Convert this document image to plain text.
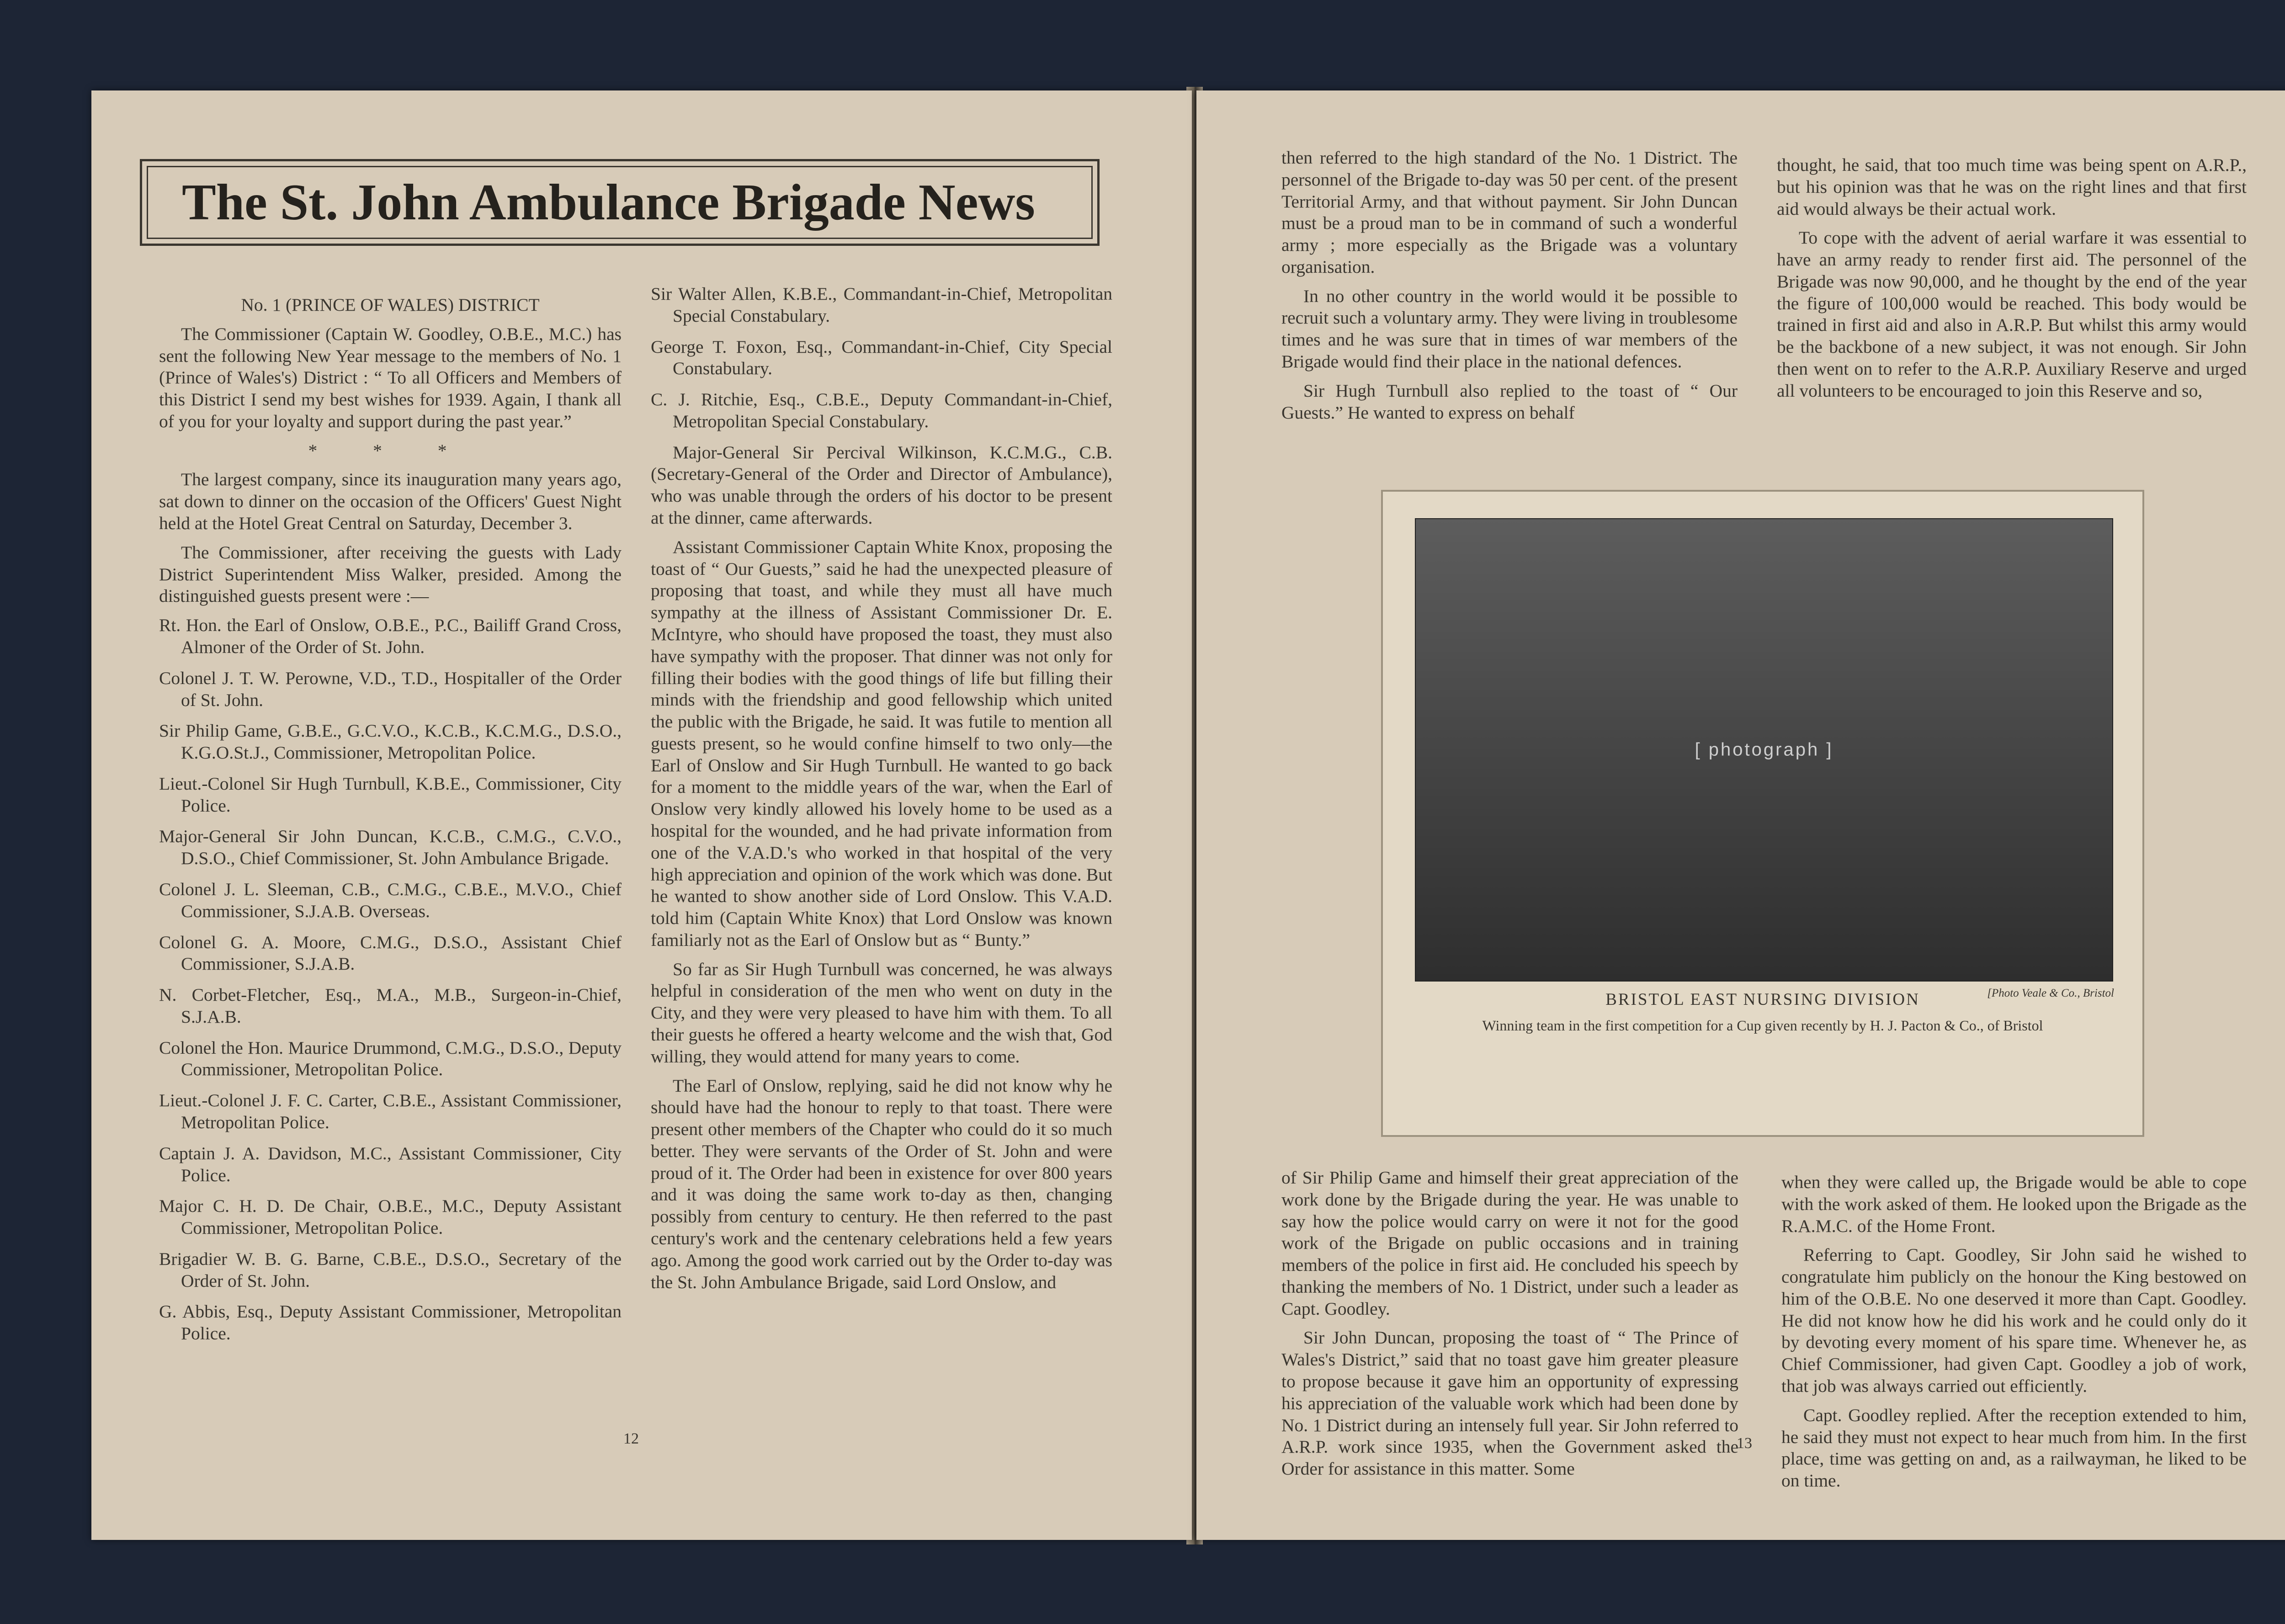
The St. John Ambulance Brigade News

No. 1 (PRINCE OF WALES) DISTRICT

The Commissioner (Captain W. Goodley, O.B.E., M.C.) has sent the following New Year message to the members of No. 1 (Prince of Wales's) District : “ To all Officers and Members of this District I send my best wishes for 1939. Again, I thank all of you for your loyalty and support during the past year.”

* * *

The largest company, since its inauguration many years ago, sat down to dinner on the occasion of the Officers' Guest Night held at the Hotel Great Central on Saturday, December 3.

The Commissioner, after receiving the guests with Lady District Superintendent Miss Walker, presided. Among the distinguished guests present were :—

Rt. Hon. the Earl of Onslow, O.B.E., P.C., Bailiff Grand Cross, Almoner of the Order of St. John.

Colonel J. T. W. Perowne, V.D., T.D., Hospitaller of the Order of St. John.

Sir Philip Game, G.B.E., G.C.V.O., K.C.B., K.C.M.G., D.S.O., K.G.O.St.J., Commissioner, Metropolitan Police.

Lieut.-Colonel Sir Hugh Turnbull, K.B.E., Commissioner, City Police.

Major-General Sir John Duncan, K.C.B., C.M.G., C.V.O., D.S.O., Chief Commissioner, St. John Ambulance Brigade.

Colonel J. L. Sleeman, C.B., C.M.G., C.B.E., M.V.O., Chief Commissioner, S.J.A.B. Overseas.

Colonel G. A. Moore, C.M.G., D.S.O., Assistant Chief Commissioner, S.J.A.B.

N. Corbet-Fletcher, Esq., M.A., M.B., Surgeon-in-Chief, S.J.A.B.

Colonel the Hon. Maurice Drummond, C.M.G., D.S.O., Deputy Commissioner, Metropolitan Police.

Lieut.-Colonel J. F. C. Carter, C.B.E., Assistant Commissioner, Metropolitan Police.

Captain J. A. Davidson, M.C., Assistant Commissioner, City Police.

Major C. H. D. De Chair, O.B.E., M.C., Deputy Assistant Commissioner, Metropolitan Police.

Brigadier W. B. G. Barne, C.B.E., D.S.O., Secretary of the Order of St. John.

G. Abbis, Esq., Deputy Assistant Commissioner, Metropolitan Police.

Sir Walter Allen, K.B.E., Commandant-in-Chief, Metropolitan Special Constabulary.

George T. Foxon, Esq., Commandant-in-Chief, City Special Constabulary.

C. J. Ritchie, Esq., C.B.E., Deputy Commandant-in-Chief, Metropolitan Special Constabulary.

Major-General Sir Percival Wilkinson, K.C.M.G., C.B. (Secretary-General of the Order and Director of Ambulance), who was unable through the orders of his doctor to be present at the dinner, came afterwards.

Assistant Commissioner Captain White Knox, proposing the toast of “ Our Guests,” said he had the unexpected pleasure of proposing that toast, and while they must all have much sympathy at the illness of Assistant Commissioner Dr. E. McIntyre, who should have proposed the toast, they must also have sympathy with the proposer. That dinner was not only for filling their bodies with the good things of life but filling their minds with the friendship and good fellowship which united the public with the Brigade, he said. It was futile to mention all guests present, so he would confine himself to two only—the Earl of Onslow and Sir Hugh Turnbull. He wanted to go back for a moment to the middle years of the war, when the Earl of Onslow very kindly allowed his lovely home to be used as a hospital for the wounded, and he had private information from one of the V.A.D.'s who worked in that hospital of the very high appreciation and opinion of the work which was done. But he wanted to show another side of Lord Onslow. This V.A.D. told him (Captain White Knox) that Lord Onslow was known familiarly not as the Earl of Onslow but as “ Bunty.”

So far as Sir Hugh Turnbull was concerned, he was always helpful in consideration of the men who went on duty in the City, and they were very pleased to have him with them. To all their guests he offered a hearty welcome and the wish that, God willing, they would attend for many years to come.

The Earl of Onslow, replying, said he did not know why he should have had the honour to reply to that toast. There were present other members of the Chapter who could do it so much better. They were servants of the Order of St. John and were proud of it. The Order had been in existence for over 800 years and it was doing the same work to-day as then, changing possibly from century to century. He then referred to the past century's work and the centenary celebrations held a few years ago. Among the good work carried out by the Order to-day was the St. John Ambulance Brigade, said Lord Onslow, and

12

then referred to the high standard of the No. 1 District. The personnel of the Brigade to-day was 50 per cent. of the present Territorial Army, and that without payment. Sir John Duncan must be a proud man to be in command of such a wonderful army ; more especially as the Brigade was a voluntary organisation.

In no other country in the world would it be possible to recruit such a voluntary army. They were living in troublesome times and he was sure that in times of war members of the Brigade would find their place in the national defences.

Sir Hugh Turnbull also replied to the toast of “ Our Guests.” He wanted to express on behalf

thought, he said, that too much time was being spent on A.R.P., but his opinion was that he was on the right lines and that first aid would always be their actual work.

To cope with the advent of aerial warfare it was essential to have an army ready to render first aid. The personnel of the Brigade was now 90,000, and he thought by the end of the year the figure of 100,000 would be reached. This body would be trained in first aid and also in A.R.P. But whilst this army would be the backbone of a new subject, it was not enough. Sir John then went on to refer to the A.R.P. Auxiliary Reserve and urged all volunteers to be encouraged to join this Reserve and so,

[ photograph ]
BRISTOL EAST NURSING DIVISION	[Photo Veale & Co., Bristol
Winning team in the first competition for a Cup given recently by H. J. Pacton & Co., of Bristol

of Sir Philip Game and himself their great appreciation of the work done by the Brigade during the year. He was unable to say how the police would carry on were it not for the good work of the Brigade on public occasions and in training members of the police in first aid. He concluded his speech by thanking the members of No. 1 District, under such a leader as Capt. Goodley.

Sir John Duncan, proposing the toast of “ The Prince of Wales's District,” said that no toast gave him greater pleasure to propose because it gave him an opportunity of expressing his appreciation of the valuable work which had been done by No. 1 District during an intensely full year. Sir John referred to A.R.P. work since 1935, when the Government asked the Order for assistance in this matter. Some

when they were called up, the Brigade would be able to cope with the work asked of them. He looked upon the Brigade as the R.A.M.C. of the Home Front.

Referring to Capt. Goodley, Sir John said he wished to congratulate him publicly on the honour the King bestowed on him of the O.B.E. No one deserved it more than Capt. Goodley. He did not know how he did his work and he could only do it by devoting every moment of his spare time. Whenever he, as Chief Commissioner, had given Capt. Goodley a job of work, that job was always carried out efficiently.

Capt. Goodley replied. After the reception extended to him, he said they must not expect to hear much from him. In the first place, time was getting on and, as a railwayman, he liked to be on time.

13
